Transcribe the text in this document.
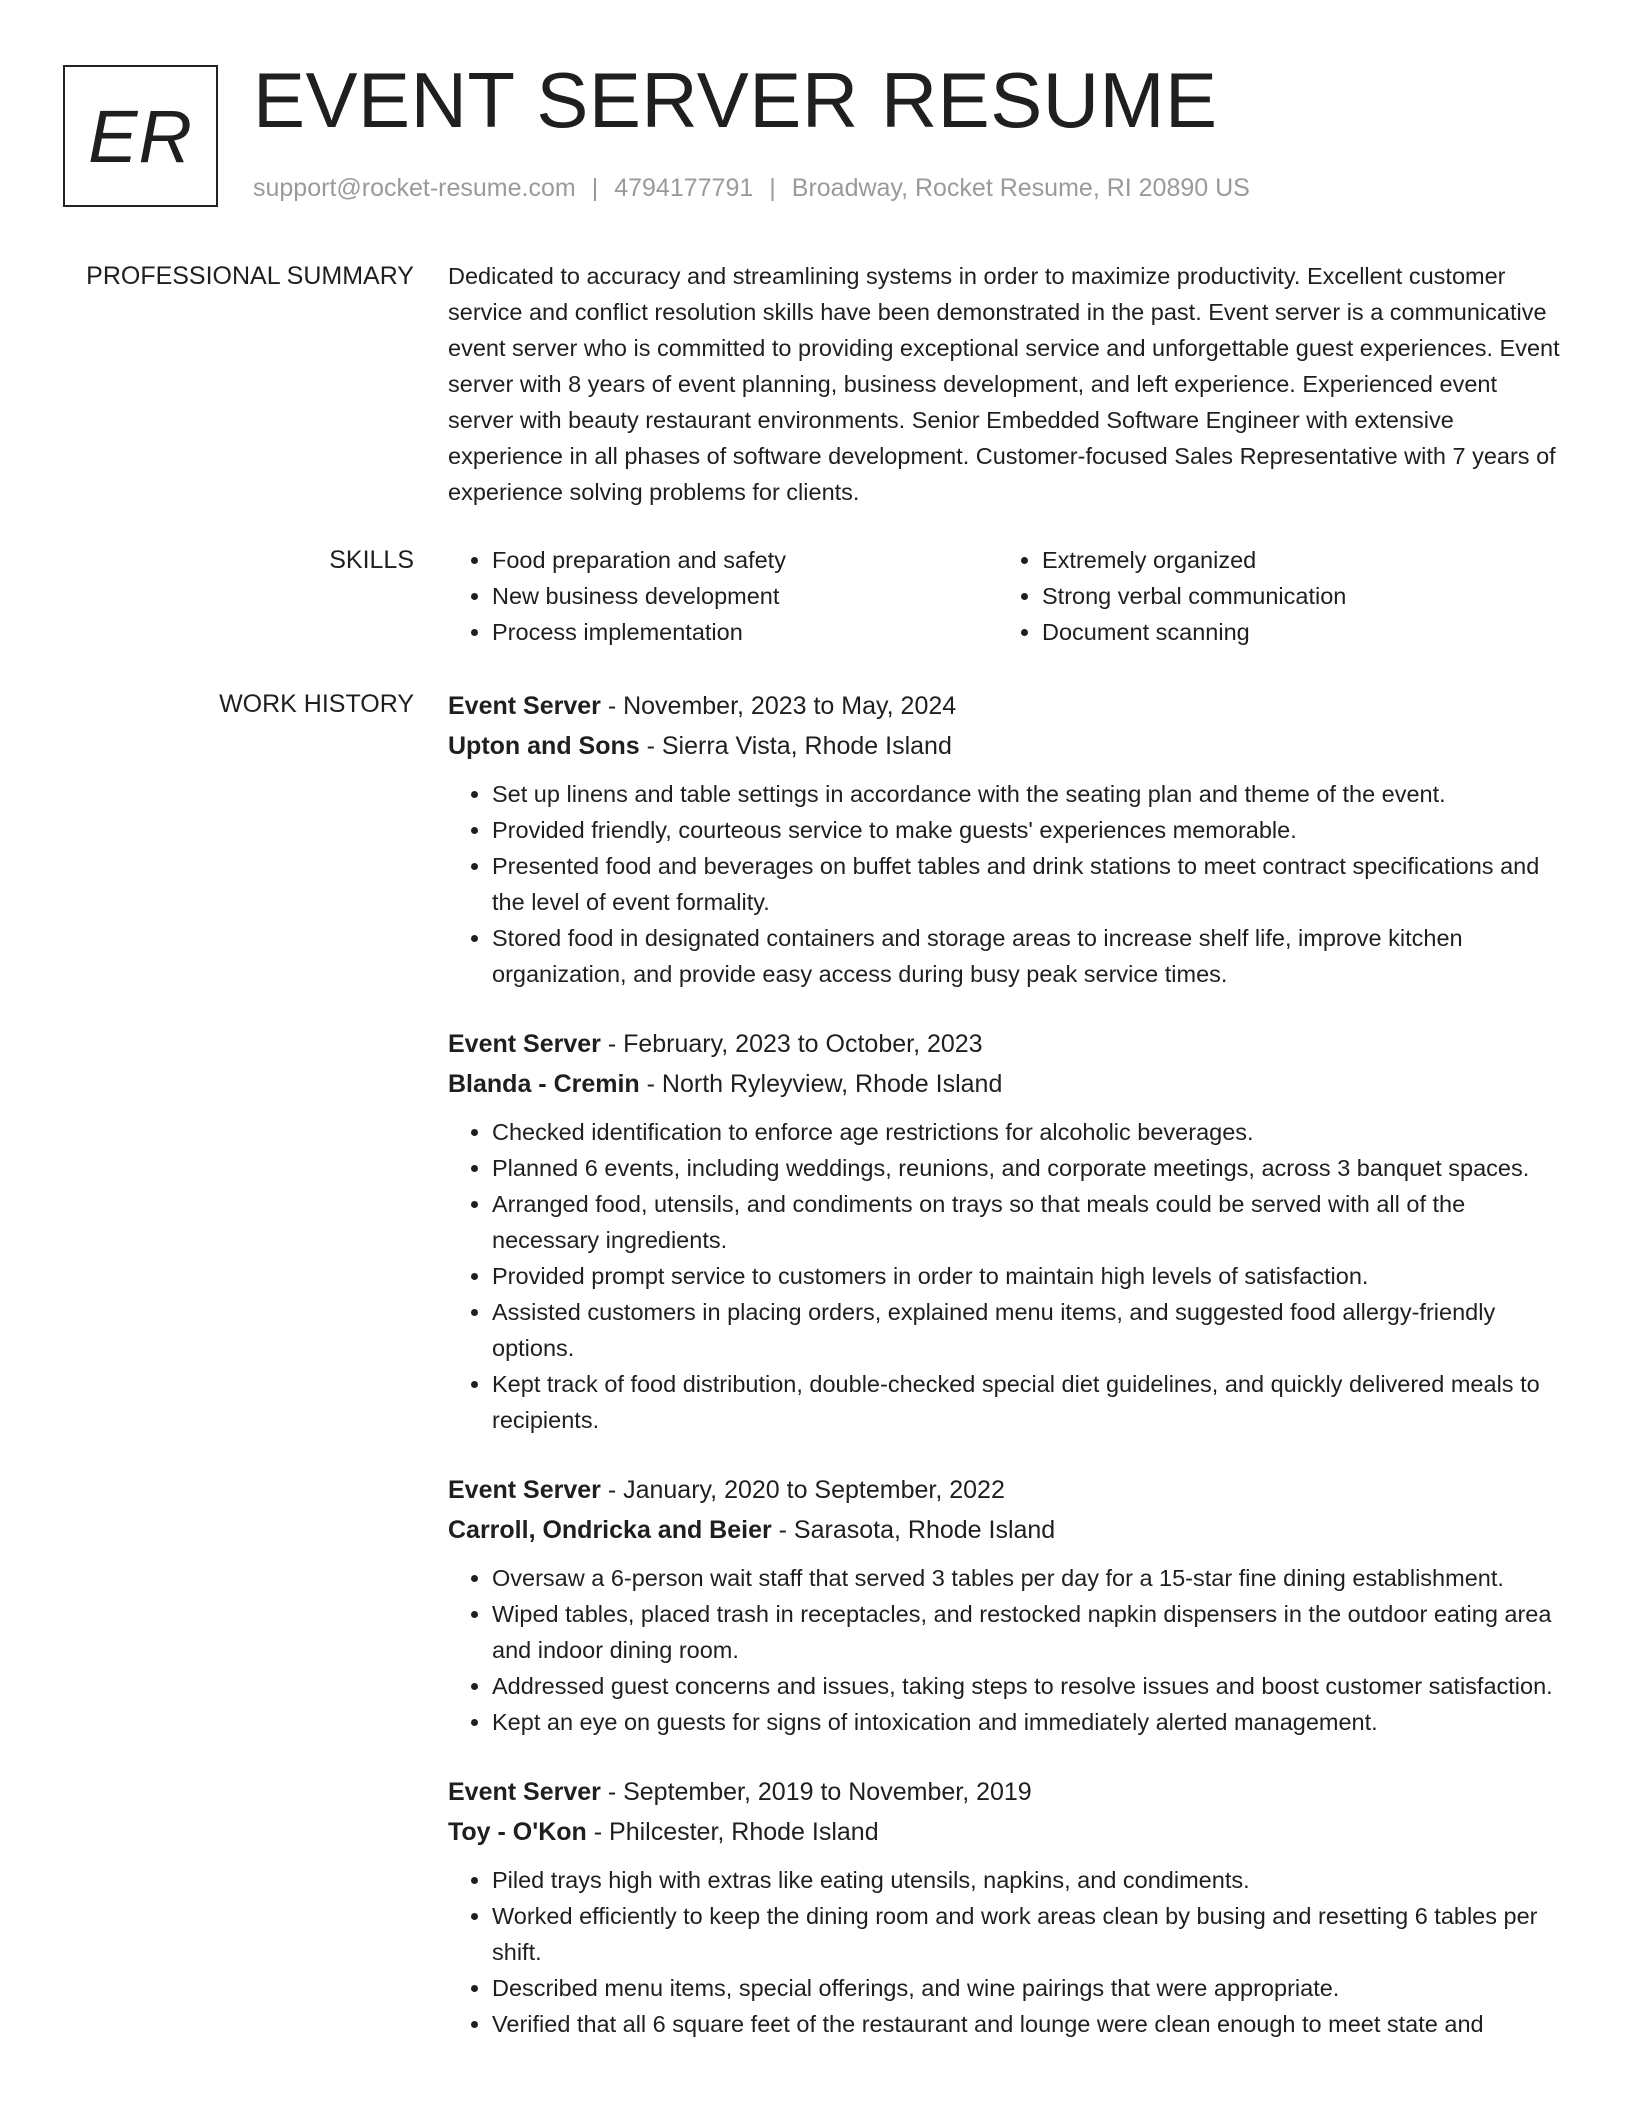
ER EVENT SERVER RESUME
support@rocket-resume.com | 4794177791 | Broadway, Rocket Resume, RI 20890 US
PROFESSIONAL SUMMARY Dedicated to accuracy and streamlining systems in order to maximize productivity. Excellent customer service and conflict resolution skills have been demonstrated in the past. Event server is a communicative event server who is committed to providing exceptional service and unforgettable guest experiences. Event server with 8 years of event planning, business development, and left experience. Experienced event server with beauty restaurant environments. Senior Embedded Software Engineer with extensive experience in all phases of software development. Customer-focused Sales Representative with 7 years of experience solving problems for clients.

SKILLS
•	Food preparation and safety
• New business development
• Process implementation
• Extremely organized
• Strong verbal communication
• Document scanning
WORK HISTORY Event Server - November, 2023 to May, 2024
Upton and Sons - Sierra Vista, Rhode Island
• Set up linens and table settings in accordance with the seating plan and theme of the event.
• Provided friendly, courteous service to make guests' experiences memorable.
• Presented food and beverages on buffet tables and drink stations to meet contract specifications and the level of event formality.
• Stored food in designated containers and storage areas to increase shelf life, improve kitchen organization, and provide easy access during busy peak service times.
Event Server - February, 2023 to October, 2023
Blanda - Cremin - North Ryleyview, Rhode Island
• Checked identification to enforce age restrictions for alcoholic beverages.
• Planned 6 events, including weddings, reunions, and corporate meetings, across 3 banquet spaces.
• Arranged food, utensils, and condiments on trays so that meals could be served with all of the necessary ingredients.
• Provided prompt service to customers in order to maintain high levels of satisfaction.
• Assisted customers in placing orders, explained menu items, and suggested food allergy-friendly options.
• Kept track of food distribution, double-checked special diet guidelines, and quickly delivered meals to recipients.
Event Server - January, 2020 to September, 2022
Carroll, Ondricka and Beier - Sarasota, Rhode Island
• Oversaw a 6-person wait staff that served 3 tables per day for a 15-star fine dining establishment.
• Wiped tables, placed trash in receptacles, and restocked napkin dispensers in the outdoor eating area and indoor dining room.
• Addressed guest concerns and issues, taking steps to resolve issues and boost customer satisfaction.
• Kept an eye on guests for signs of intoxication and immediately alerted management.
Event Server - September, 2019 to November, 2019
Toy - O'Kon - Philcester, Rhode Island
• Piled trays high with extras like eating utensils, napkins, and condiments.
• Worked efficiently to keep the dining room and work areas clean by busing and resetting 6 tables per shift.
• Described menu items, special offerings, and wine pairings that were appropriate.
• Verified that all 6 square feet of the restaurant and lounge were clean enough to meet state and
